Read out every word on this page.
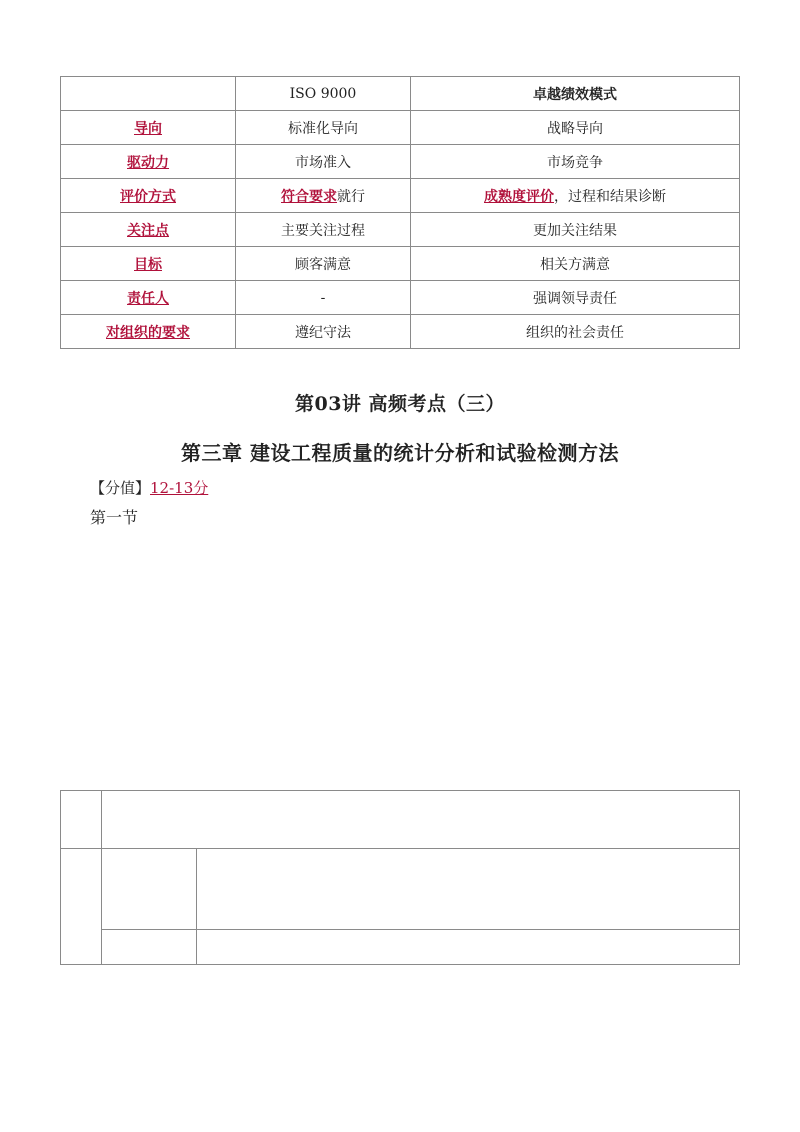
	ISO 9000	卓越绩效模式
导向	标准化导向	战略导向
驱动力	市场准入	市场竞争
评价方式	符合要求就行	成熟度评价，过程和结果诊断
关注点	主要关注过程	更加关注结果
目标	顾客满意	相关方满意
责任人	-	强调领导责任
对组织的要求	遵纪守法	组织的社会责任
第03讲 高频考点（三）
第三章 建设工程质量的统计分析和试验检测方法
【分值】12-13分
第一节
